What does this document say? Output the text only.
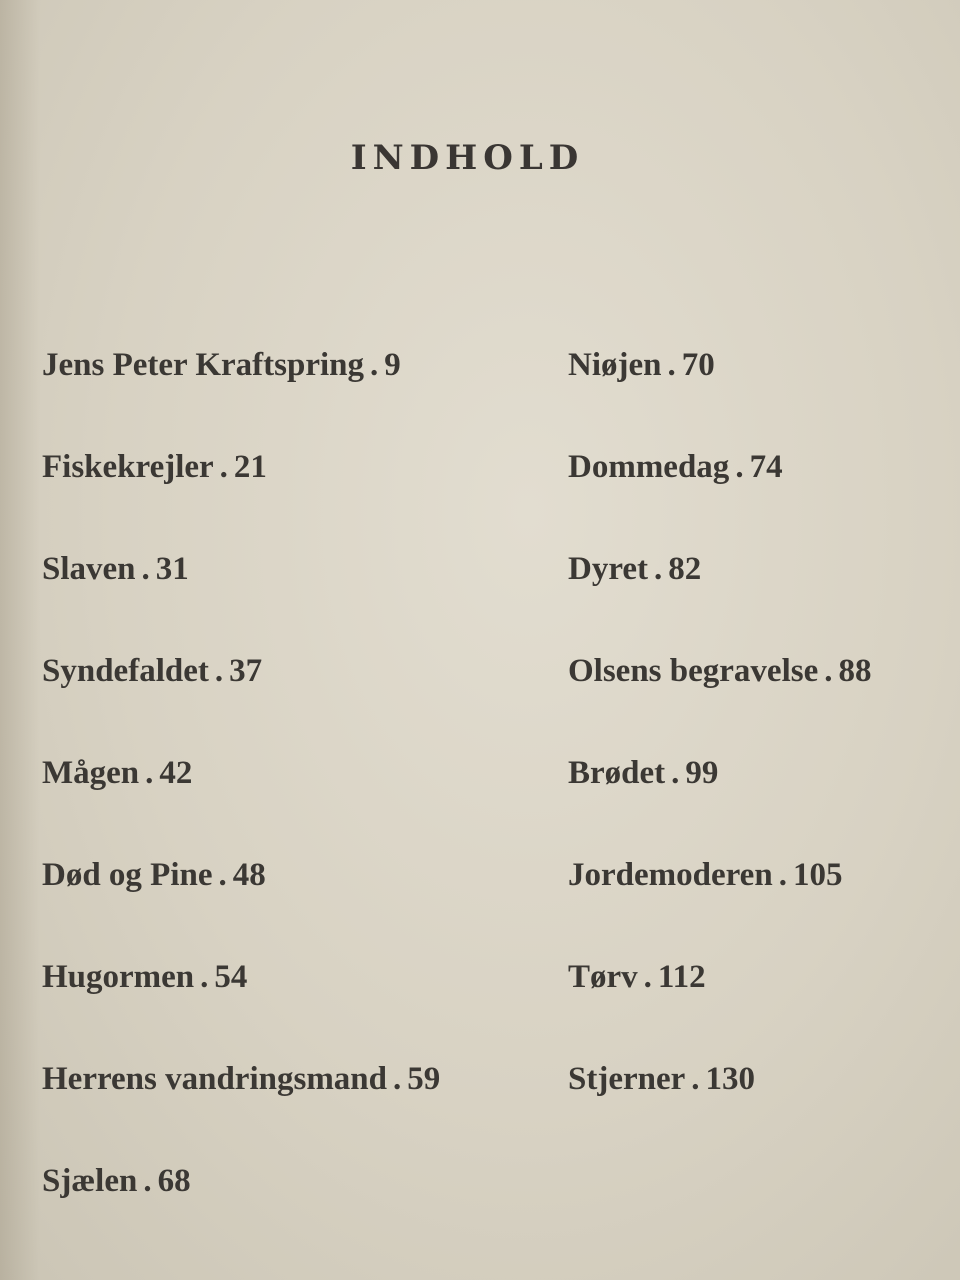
INDHOLD
Jens Peter Kraftspring . 9
Fiskekrejler . 21
Slaven . 31
Syndefaldet . 37
Mågen . 42
Død og Pine . 48
Hugormen . 54
Herrens vandringsmand . 59
Sjælen . 68
Niøjen . 70
Dommedag . 74
Dyret . 82
Olsens begravelse . 88
Brødet . 99
Jordemoderen . 105
Tørv . 112
Stjerner . 130
